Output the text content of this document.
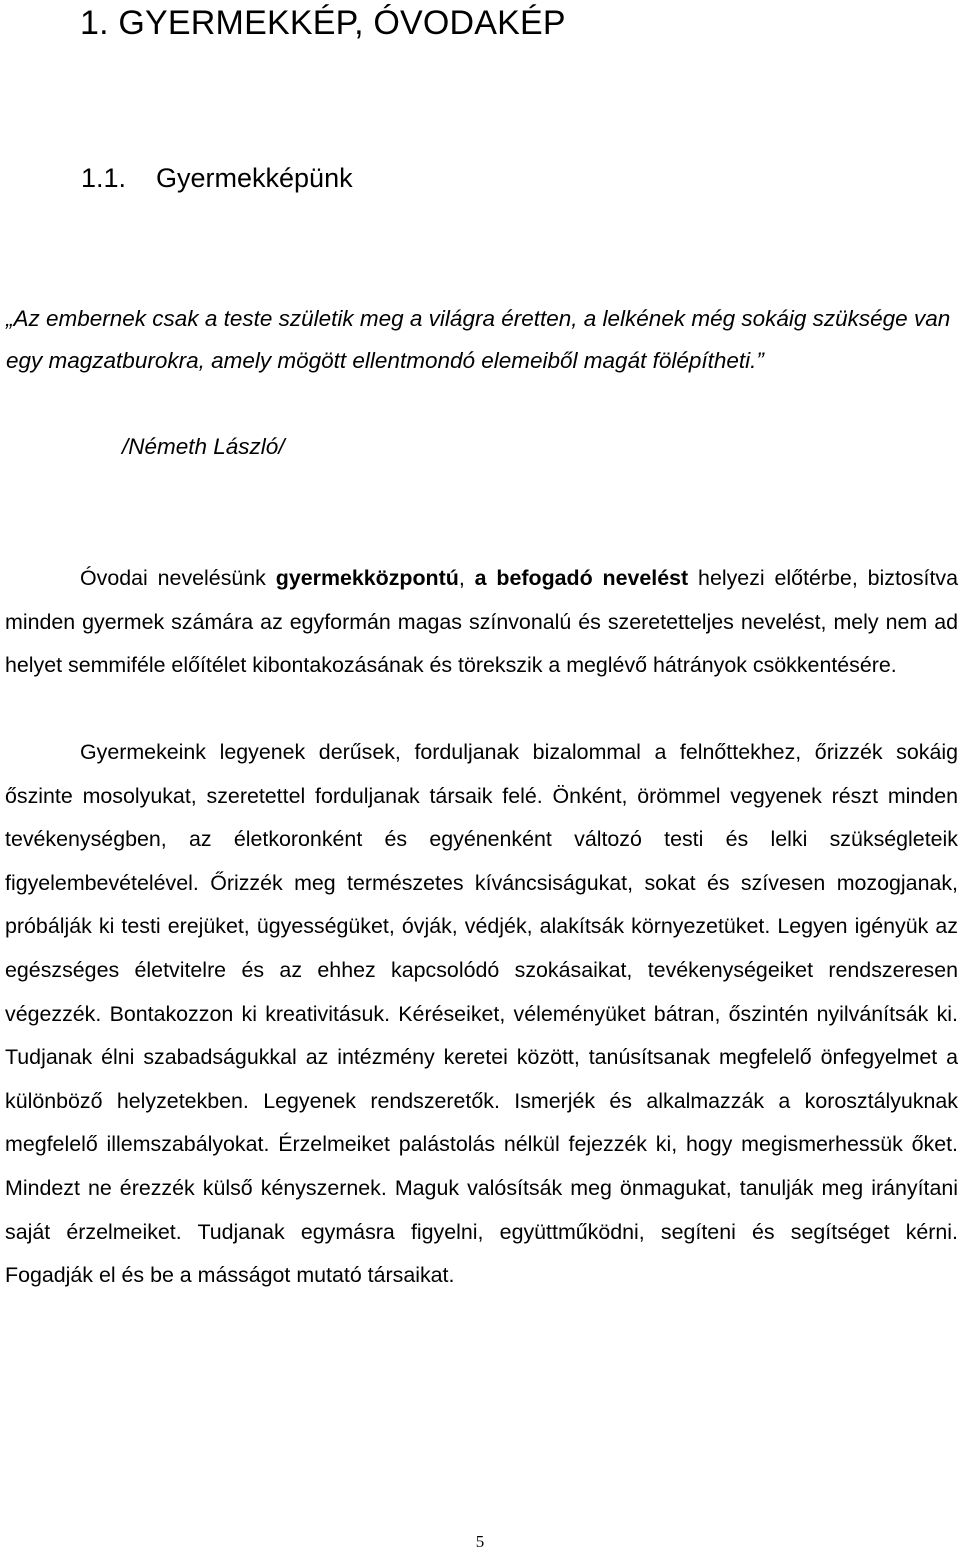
1. GYERMEKKÉP, ÓVODAKÉP
1.1. Gyermekképünk

„Az embernek csak a teste születik meg a világra éretten, a lelkének még sokáig szüksége van egy magzatburokra, amely mögött ellentmondó elemeiből magát fölépítheti.”

/Németh László/

Óvodai nevelésünk gyermekközpontú, a befogadó nevelést helyezi előtérbe, biztosítva minden gyermek számára az egyformán magas színvonalú és szeretetteljes nevelést, mely nem ad helyet semmiféle előítélet kibontakozásának és törekszik a meglévő hátrányok csökkentésére.

Gyermekeink legyenek derűsek, forduljanak bizalommal a felnőttekhez, őrizzék sokáig őszinte mosolyukat, szeretettel forduljanak társaik felé. Önként, örömmel vegyenek részt minden tevékenységben, az életkoronként és egyénenként változó testi és lelki szükségleteik figyelembevételével. Őrizzék meg természetes kíváncsiságukat, sokat és szívesen mozogjanak, próbálják ki testi erejüket, ügyességüket, óvják, védjék, alakítsák környezetüket. Legyen igényük az egészséges életvitelre és az ehhez kapcsolódó szokásaikat, tevékenységeiket rendszeresen végezzék. Bontakozzon ki kreativitásuk. Kéréseiket, véleményüket bátran, őszintén nyilvánítsák ki. Tudjanak élni szabadságukkal az intézmény keretei között, tanúsítsanak megfelelő önfegyelmet a különböző helyzetekben. Legyenek rendszeretők. Ismerjék és alkalmazzák a korosztályuknak megfelelő illemszabályokat. Érzelmeiket palástolás nélkül fejezzék ki, hogy megismerhessük őket. Mindezt ne érezzék külső kényszernek. Maguk valósítsák meg önmagukat, tanulják meg irányítani saját érzelmeiket. Tudjanak egymásra figyelni, együttműködni, segíteni és segítséget kérni. Fogadják el és be a másságot mutató társaikat.

5
